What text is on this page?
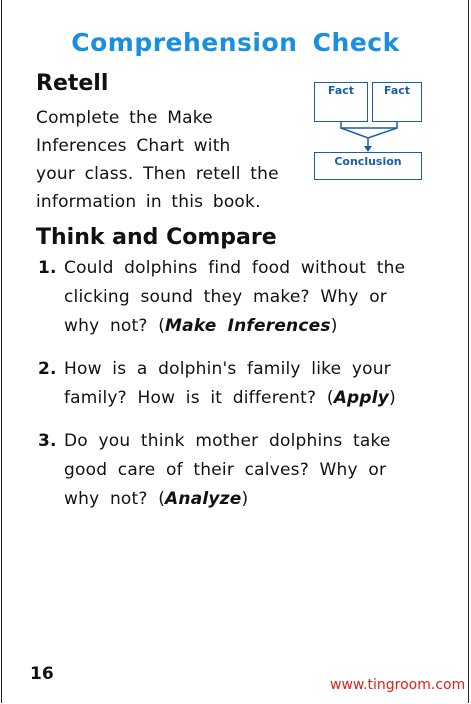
Comprehension Check
Retell
Complete the Make
Inferences Chart with
your class. Then retell the
information in this book.
Fact	Fact
Conclusion
Think and Compare
1. Could dolphins find food without the
clicking sound they make? Why or
why not? (Make Inferences)
2. How is a dolphin's family like your
family? How is it different? (Apply)
3. Do you think mother dolphins take
good care of their calves? Why or
why not? (Analyze)
16
www.tingroom.com
